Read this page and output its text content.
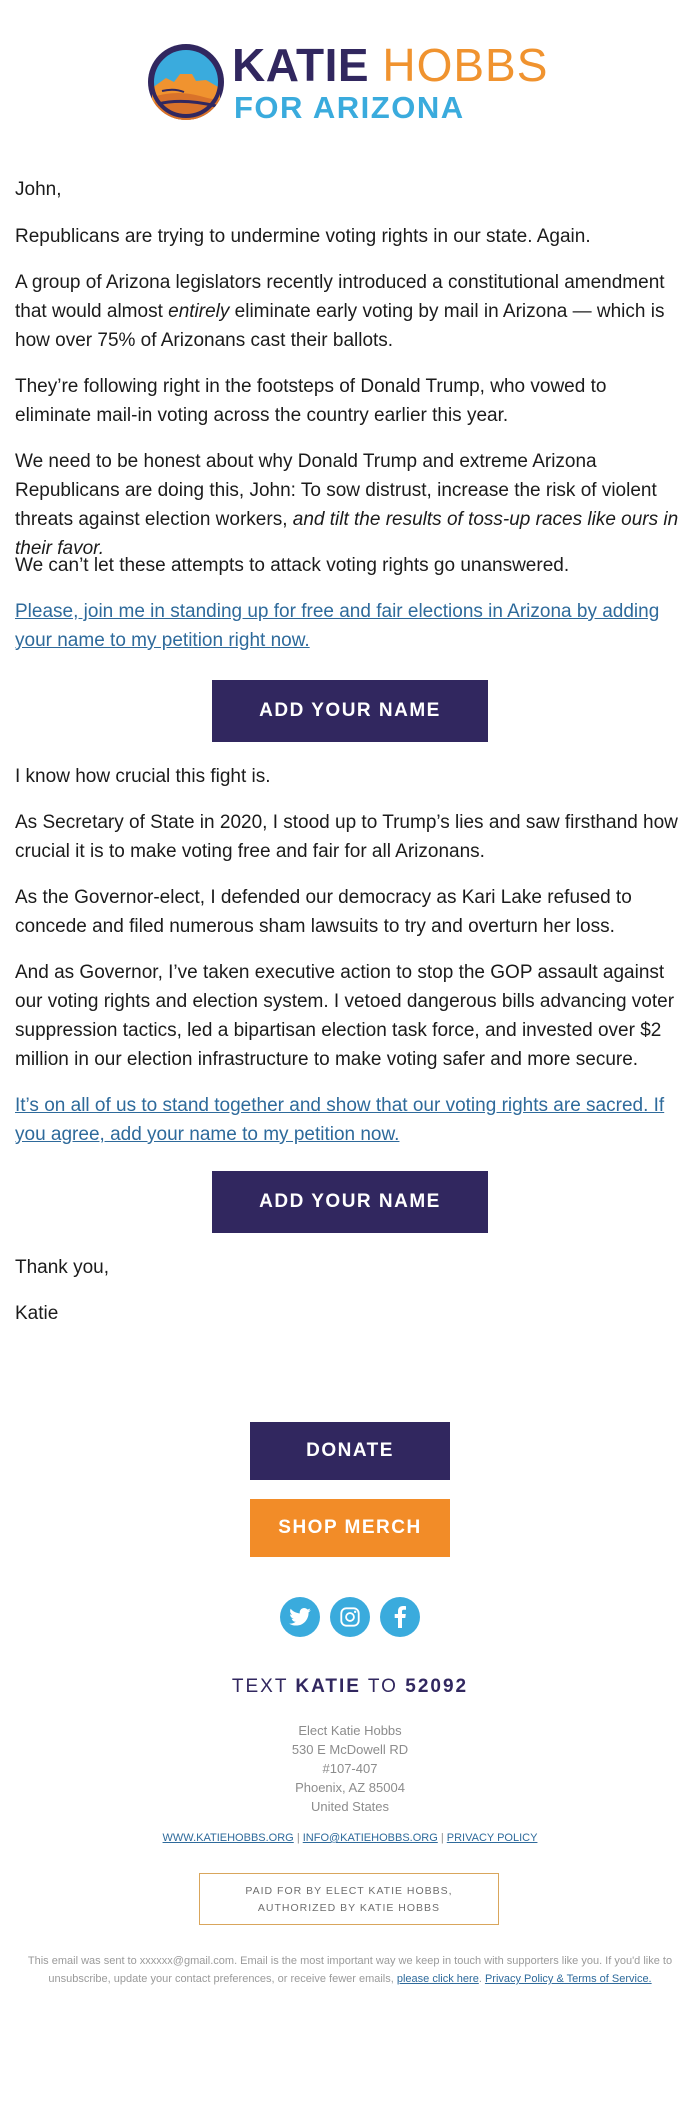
KATIE HOBBS
FOR ARIZONA

John,

Republicans are trying to undermine voting rights in our state. Again.

A group of Arizona legislators recently introduced a constitutional amendment that would almost entirely eliminate early voting by mail in Arizona — which is how over 75% of Arizonans cast their ballots.

They’re following right in the footsteps of Donald Trump, who vowed to eliminate mail-in voting across the country earlier this year.

We need to be honest about why Donald Trump and extreme Arizona Republicans are doing this, John: To sow distrust, increase the risk of violent threats against election workers, and tilt the results of toss-up races like ours in their favor.

We can’t let these attempts to attack voting rights go unanswered.

Please, join me in standing up for free and fair elections in Arizona by adding your name to my petition right now.

ADD YOUR NAME

I know how crucial this fight is.

As Secretary of State in 2020, I stood up to Trump’s lies and saw firsthand how crucial it is to make voting free and fair for all Arizonans.

As the Governor-elect, I defended our democracy as Kari Lake refused to concede and filed numerous sham lawsuits to try and overturn her loss.

And as Governor, I’ve taken executive action to stop the GOP assault against our voting rights and election system. I vetoed dangerous bills advancing voter suppression tactics, led a bipartisan election task force, and invested over $2 million in our election infrastructure to make voting safer and more secure.

It’s on all of us to stand together and show that our voting rights are sacred. If you agree, add your name to my petition now.

ADD YOUR NAME

Thank you,

Katie

DONATE
SHOP MERCH
TEXT KATIE TO 52092
Elect Katie Hobbs
530 E McDowell RD
#107-407
Phoenix, AZ 85004
United States
WWW.KATIEHOBBS.ORG | INFO@KATIEHOBBS.ORG | PRIVACY POLICY
PAID FOR BY ELECT KATIE HOBBS,
AUTHORIZED BY KATIE HOBBS
This email was sent to xxxxxx@gmail.com. Email is the most important way we keep in touch with supporters like you. If you'd like to unsubscribe, update your contact preferences, or receive fewer emails, please click here. Privacy Policy & Terms of Service.
